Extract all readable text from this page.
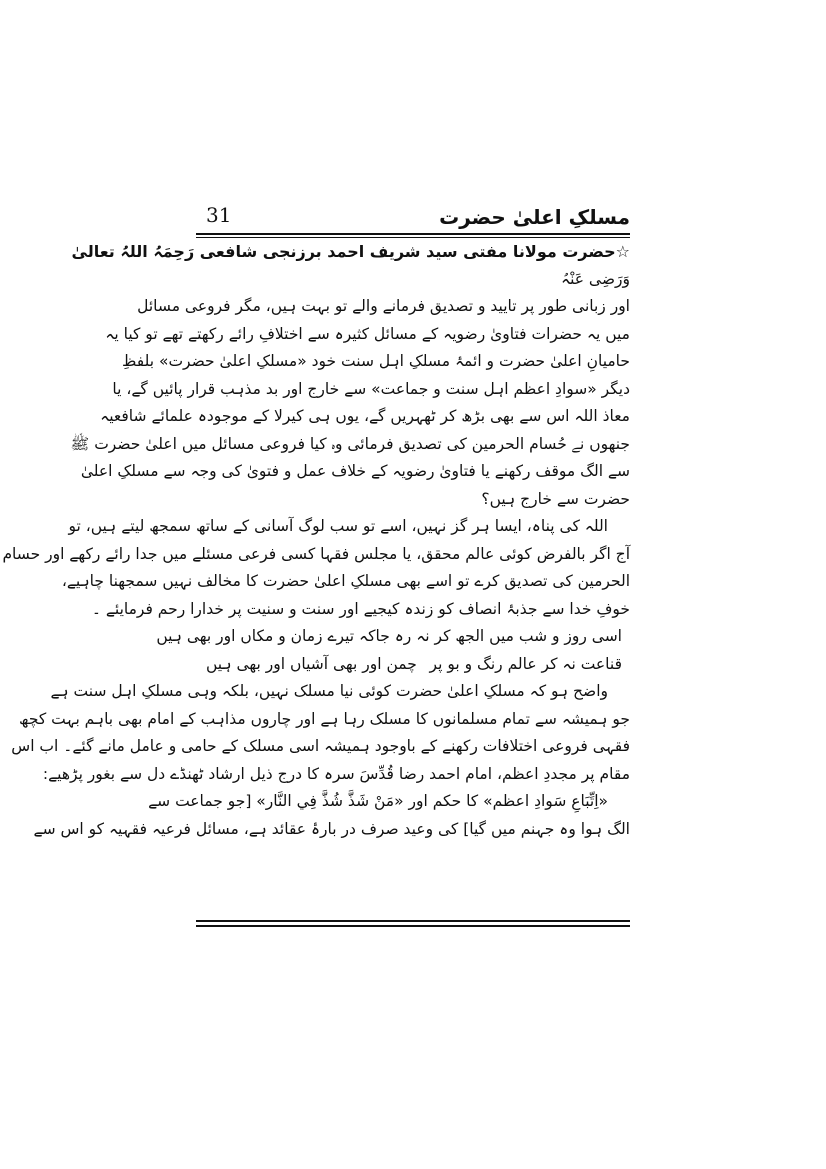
مسلکِ اعلیٰ حضرت
31
☆حضرت مولانا مفتی سید شریف احمد برزنجی شافعی رَحِمَہُ اللہُ تعالیٰ
وَرَضِی عَنْہُ
اور زبانی طور پر تایید و تصدیق فرمانے والے تو بہت ہیں، مگر فروعی مسائل
میں یہ حضرات فتاویٰ رضویہ کے مسائل کثیرہ سے اختلافِ رائے رکھتے تھے تو کیا یہ
حامیانِ اعلیٰ حضرت و ائمۂ مسلکِ اہل سنت خود «مسلکِ اعلیٰ حضرت» بلفظِ
دیگر «سوادِ اعظم اہل سنت و جماعت» سے خارج اور بد مذہب قرار پائیں گے، یا
معاذ اللہ اس سے بھی بڑھ کر ٹھہریں گے، یوں ہی کیرلا کے موجودہ علمائے شافعیہ
جنھوں نے حُسام الحرمین کی تصدیق فرمائی وہ کیا فروعی مسائل میں اعلیٰ حضرت ﷺ
سے الگ موقف رکھنے یا فتاویٰ رضویہ کے خلاف عمل و فتویٰ کی وجہ سے مسلکِ اعلیٰ
حضرت سے خارج ہیں؟
اللہ کی پناہ، ایسا ہر گز نہیں، اسے تو سب لوگ آسانی کے ساتھ سمجھ لیتے ہیں، تو
آج اگر بالفرض کوئی عالم محقق، یا مجلس فقہا کسی فرعی مسئلے میں جدا رائے رکھے اور حسام
الحرمین کی تصدیق کرے تو اسے بھی مسلکِ اعلیٰ حضرت کا مخالف نہیں سمجھنا چاہیے،
خوفِ خدا سے جذبۂ انصاف کو زندہ کیجیے اور سنت و سنیت پر خدارا رحم فرمایئے ۔
اسی روز و شب میں الجھ کر نہ رہ جا
کہ تیرے زمان و مکاں اور بھی ہیں
قناعت نہ کر عالم رنگ و بو پر
چمن اور بھی آشیاں اور بھی ہیں
واضح ہو کہ مسلکِ اعلیٰ حضرت کوئی نیا مسلک نہیں، بلکہ وہی مسلکِ اہل سنت ہے
جو ہمیشہ سے تمام مسلمانوں کا مسلک رہا ہے اور چاروں مذاہب کے امام بھی باہم بہت کچھ
فقہی فروعی اختلافات رکھنے کے باوجود ہمیشہ اسی مسلک کے حامی و عامل مانے گئے۔ اب اس
مقام پر مجددِ اعظم، امام احمد رضا قُدِّسَ سرہ کا درج ذیل ارشاد ٹھنڈے دل سے بغور پڑھیے:
«اِتِّبَاعِ سَوادِ اعظم» کا حکم اور «مَنْ شَذَّ شُذَّ فِي النَّار» [جو جماعت سے
الگ ہوا وہ جہنم میں گیا] کی وعید صرف در بارۂ عقائد ہے، مسائل فرعیہ فقہیہ کو اس سے
